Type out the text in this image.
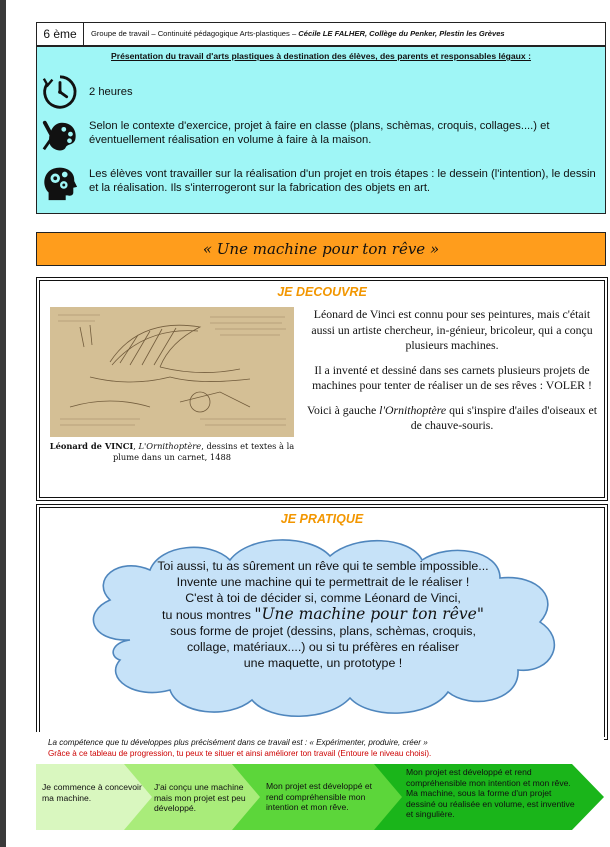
6 ème	Groupe de travail – Continuité pédagogique Arts-plastiques – Cécile LE FALHER, Collège du Penker, Plestin les Grèves
Présentation du travail d'arts plastiques à destination des élèves, des parents et responsables légaux :
2 heures
Selon le contexte d'exercice, projet à faire en classe (plans, schèmas, croquis, collages....) et éventuellement réalisation en volume à faire à la maison.
Les élèves vont travailler sur la réalisation d'un projet en trois étapes : le dessein (l'intention), le dessin et la réalisation. Ils s'interrogeront sur la fabrication des objets en art.
« Une machine pour ton rêve »
JE DECOUVRE
Léonard de VINCI, L'Ornithoptère, dessins et textes à la plume dans un carnet, 1488

Léonard de Vinci est connu pour ses peintures, mais c'était aussi un artiste chercheur, in-génieur, bricoleur, qui a conçu plusieurs machines.

Il a inventé et dessiné dans ses carnets plusieurs projets de machines pour tenter de réaliser un de ses rêves : VOLER !

Voici à gauche l'Ornithoptère qui s'inspire d'ailes d'oiseaux et de chauve-souris.

JE PRATIQUE
Toi aussi, tu as sûrement un rêve qui te semble impossible...
Invente une machine qui te permettrait de le réaliser !
C'est à toi de décider si, comme Léonard de Vinci,
tu nous montres "Une machine pour ton rêve"
sous forme de projet (dessins, plans, schèmas, croquis,
collage, matériaux....) ou si tu préfères en réaliser
une maquette, un prototype !
La compétence que tu développes plus précisément dans ce travail est : « Expérimenter, produire, créer »
Grâce à ce tableau de progression, tu peux te situer et ainsi améliorer ton travail (Entoure le niveau choisi).
Je commence à concevoir ma machine.
J'ai conçu une machine mais mon projet est peu développé.
Mon projet est développé et rend compréhensible mon intention et mon rêve.
Mon projet est développé et rend compréhensible mon intention et mon rêve. Ma machine, sous la forme d'un projet dessiné ou réalisée en volume, est inventive et singulière.
